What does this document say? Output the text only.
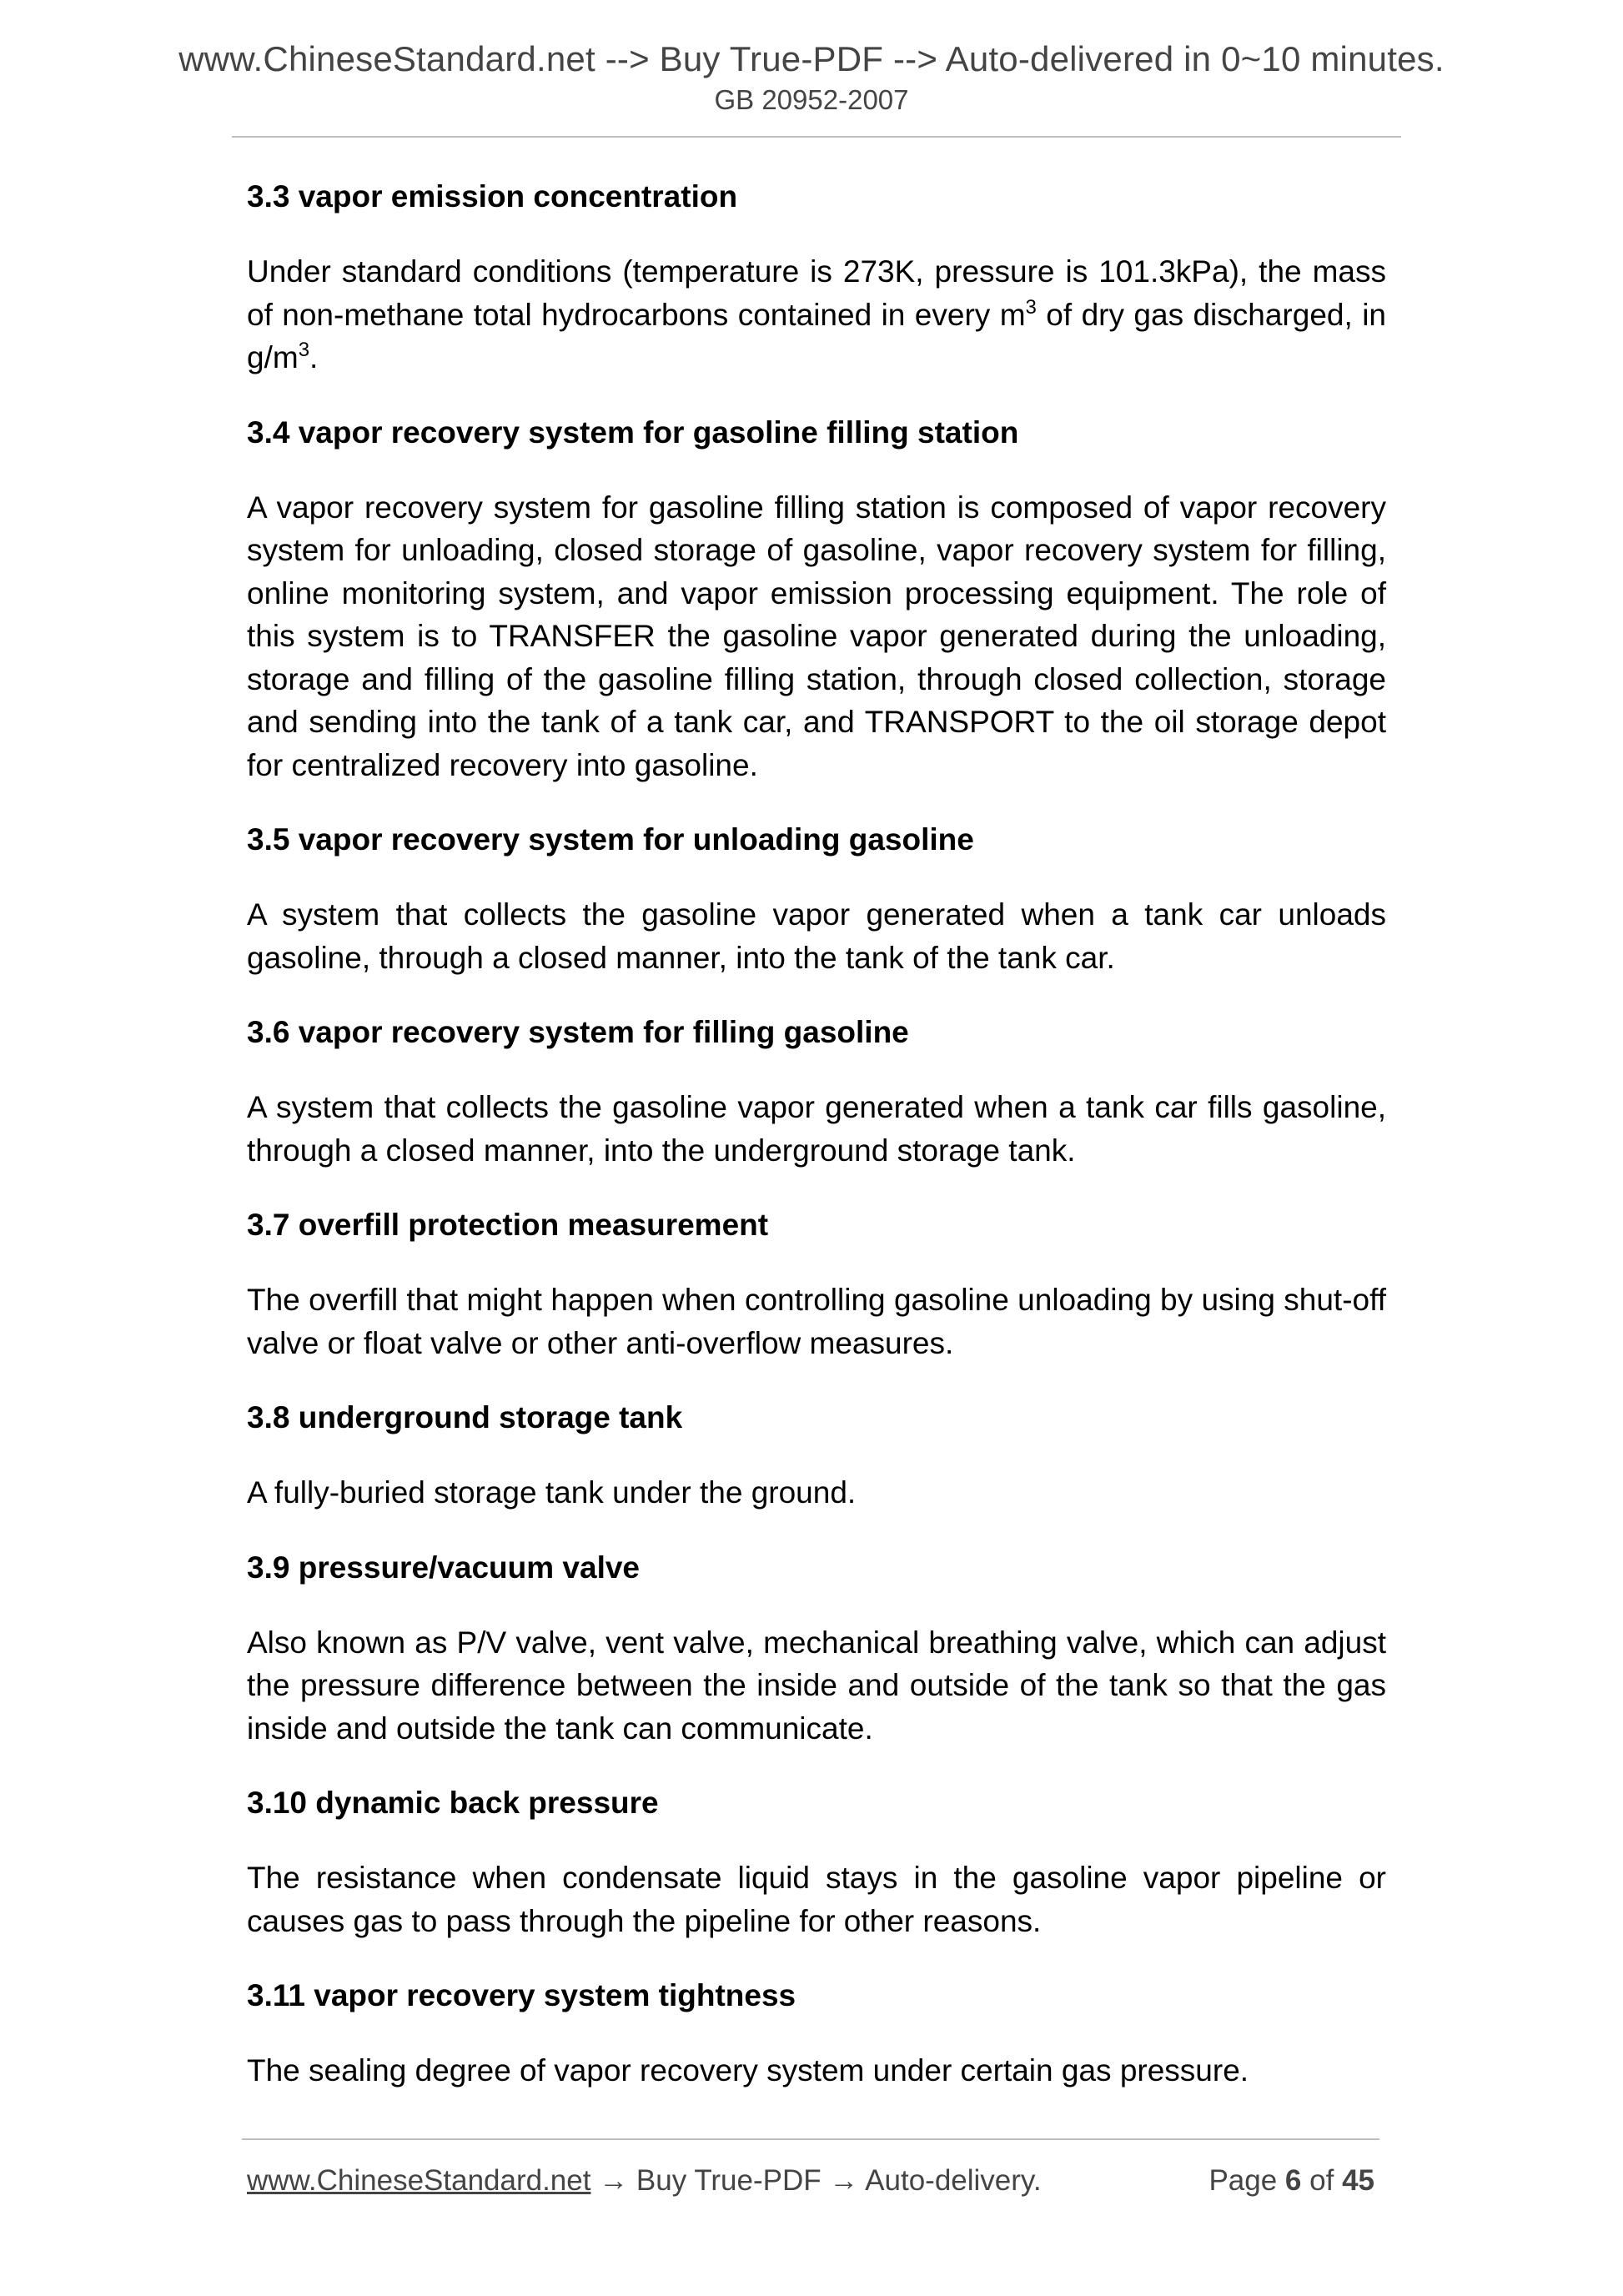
www.ChineseStandard.net --> Buy True-PDF --> Auto-delivered in 0~10 minutes.
GB 20952-2007
3.3 vapor emission concentration
Under standard conditions (temperature is 273K, pressure is 101.3kPa), the mass of non-methane total hydrocarbons contained in every $m^3$ of dry gas discharged, in $g/m^3$.
3.4 vapor recovery system for gasoline filling station
A vapor recovery system for gasoline filling station is composed of vapor recovery system for unloading, closed storage of gasoline, vapor recovery system for filling, online monitoring system, and vapor emission processing equipment. The role of this system is to TRANSFER the gasoline vapor generated during the unloading, storage and filling of the gasoline filling station, through closed collection, storage and sending into the tank of a tank car, and TRANSPORT to the oil storage depot for centralized recovery into gasoline.
3.5 vapor recovery system for unloading gasoline
A system that collects the gasoline vapor generated when a tank car unloads gasoline, through a closed manner, into the tank of the tank car.
3.6 vapor recovery system for filling gasoline
A system that collects the gasoline vapor generated when a tank car fills gasoline, through a closed manner, into the underground storage tank.
3.7 overfill protection measurement
The overfill that might happen when controlling gasoline unloading by using shut-off valve or float valve or other anti-overflow measures.
3.8 underground storage tank
A fully-buried storage tank under the ground.
3.9 pressure/vacuum valve
Also known as P/V valve, vent valve, mechanical breathing valve, which can adjust the pressure difference between the inside and outside of the tank so that the gas inside and outside the tank can communicate.
3.10 dynamic back pressure
The resistance when condensate liquid stays in the gasoline vapor pipeline or causes gas to pass through the pipeline for other reasons.
3.11 vapor recovery system tightness
The sealing degree of vapor recovery system under certain gas pressure.
www.ChineseStandard.net → Buy True-PDF → Auto-delivery.	Page 6 of 45
